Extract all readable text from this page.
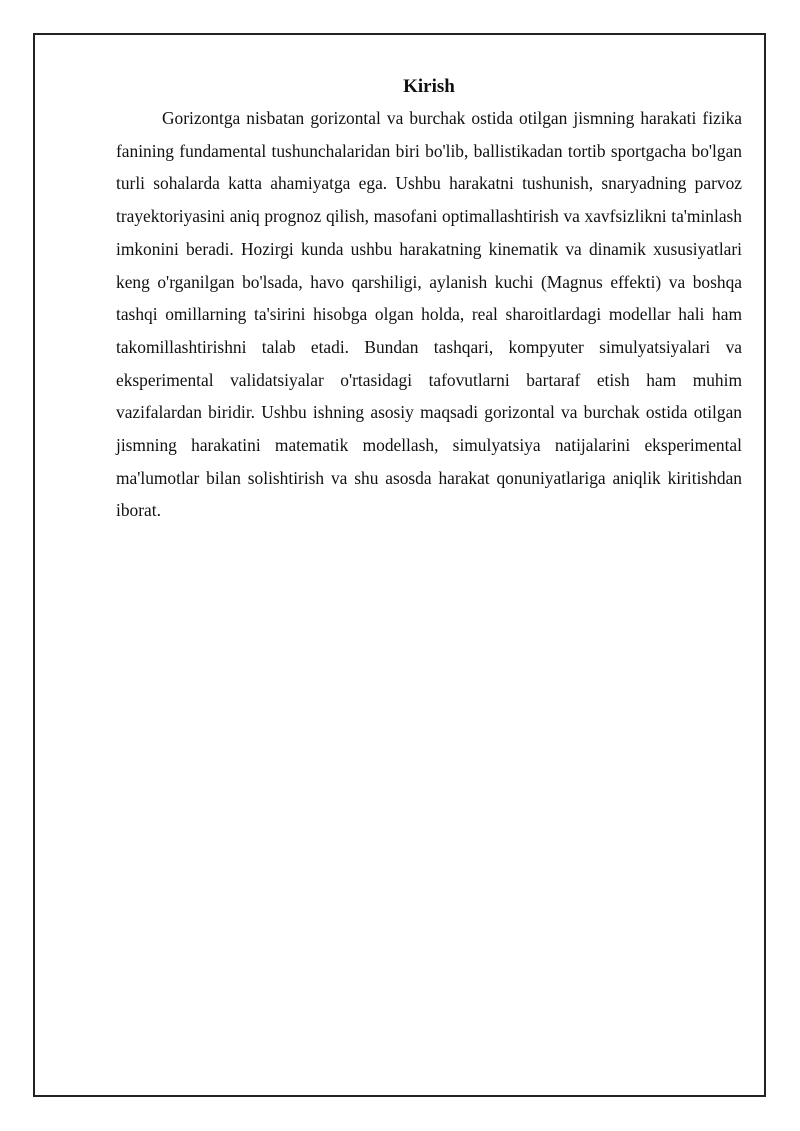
Kirish

Gorizontga nisbatan gorizontal va burchak ostida otilgan jismning harakati fizika fanining fundamental tushunchalaridan biri bo'lib, ballistikadan tortib sportgacha bo'lgan turli sohalarda katta ahamiyatga ega. Ushbu harakatni tushunish, snaryadning parvoz trayektoriyasini aniq prognoz qilish, masofani optimallashtirish va xavfsizlikni ta'minlash imkonini beradi. Hozirgi kunda ushbu harakatning kinematik va dinamik xususiyatlari keng o'rganilgan bo'lsada, havo qarshiligi, aylanish kuchi (Magnus effekti) va boshqa tashqi omillarning ta'sirini hisobga olgan holda, real sharoitlardagi modellar hali ham takomillashtirishni talab etadi. Bundan tashqari, kompyuter simulyatsiyalari va eksperimental validatsiyalar o'rtasidagi tafovutlarni bartaraf etish ham muhim vazifalardan biridir. Ushbu ishning asosiy maqsadi gorizontal va burchak ostida otilgan jismning harakatini matematik modellash, simulyatsiya natijalarini eksperimental ma'lumotlar bilan solishtirish va shu asosda harakat qonuniyatlariga aniqlik kiritishdan iborat.
